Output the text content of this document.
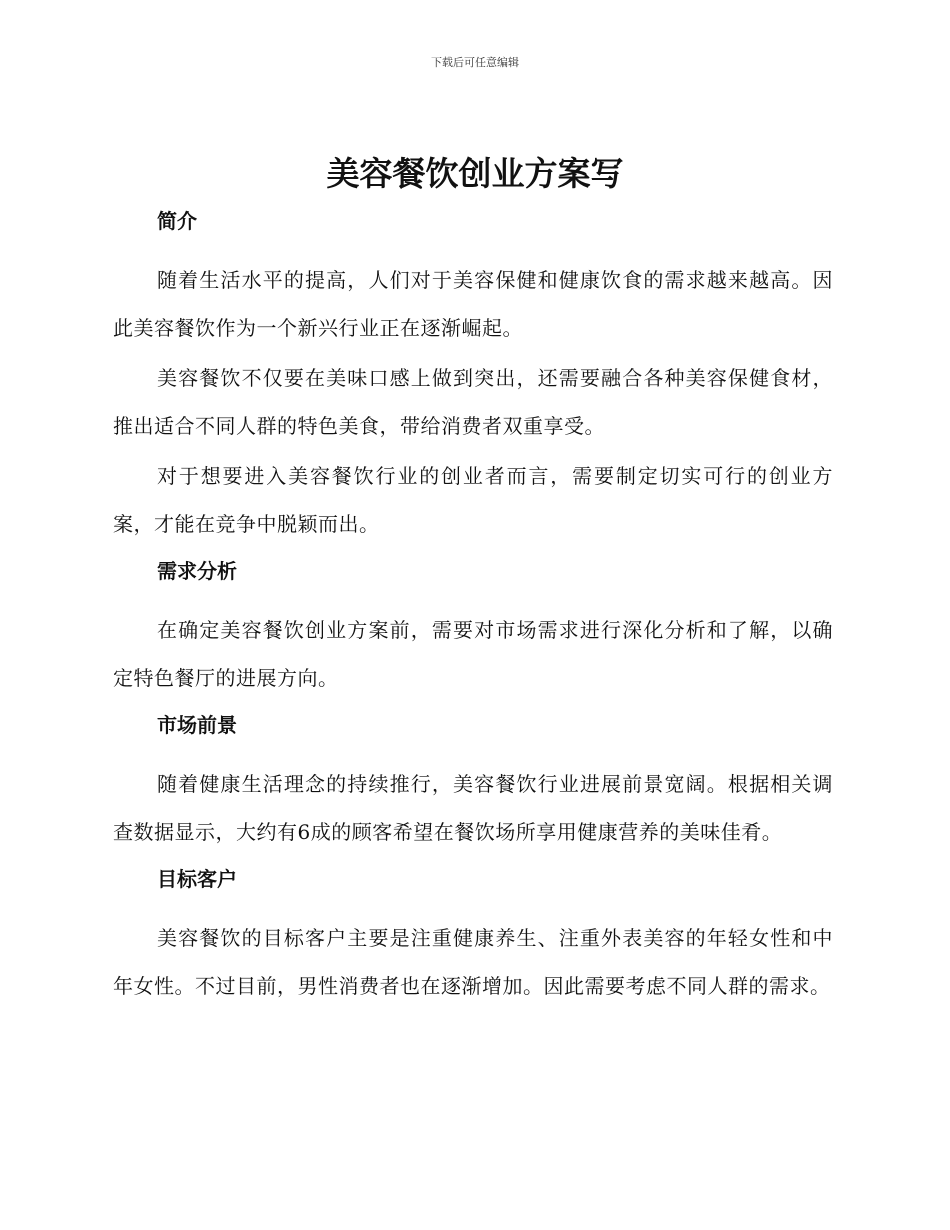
下载后可任意编辑
美容餐饮创业方案写
简介

随着生活水平的提高，人们对于美容保健和健康饮食的需求越来越高。因此美容餐饮作为一个新兴行业正在逐渐崛起。

美容餐饮不仅要在美味口感上做到突出，还需要融合各种美容保健食材，推出适合不同人群的特色美食，带给消费者双重享受。

对于想要进入美容餐饮行业的创业者而言，需要制定切实可行的创业方案，才能在竞争中脱颖而出。

需求分析

在确定美容餐饮创业方案前，需要对市场需求进行深化分析和了解，以确定特色餐厅的进展方向。

市场前景

随着健康生活理念的持续推行，美容餐饮行业进展前景宽阔。根据相关调查数据显示，大约有6成的顾客希望在餐饮场所享用健康营养的美味佳肴。

目标客户

美容餐饮的目标客户主要是注重健康养生、注重外表美容的年轻女性和中年女性。不过目前，男性消费者也在逐渐增加。因此需要考虑不同人群的需求。
